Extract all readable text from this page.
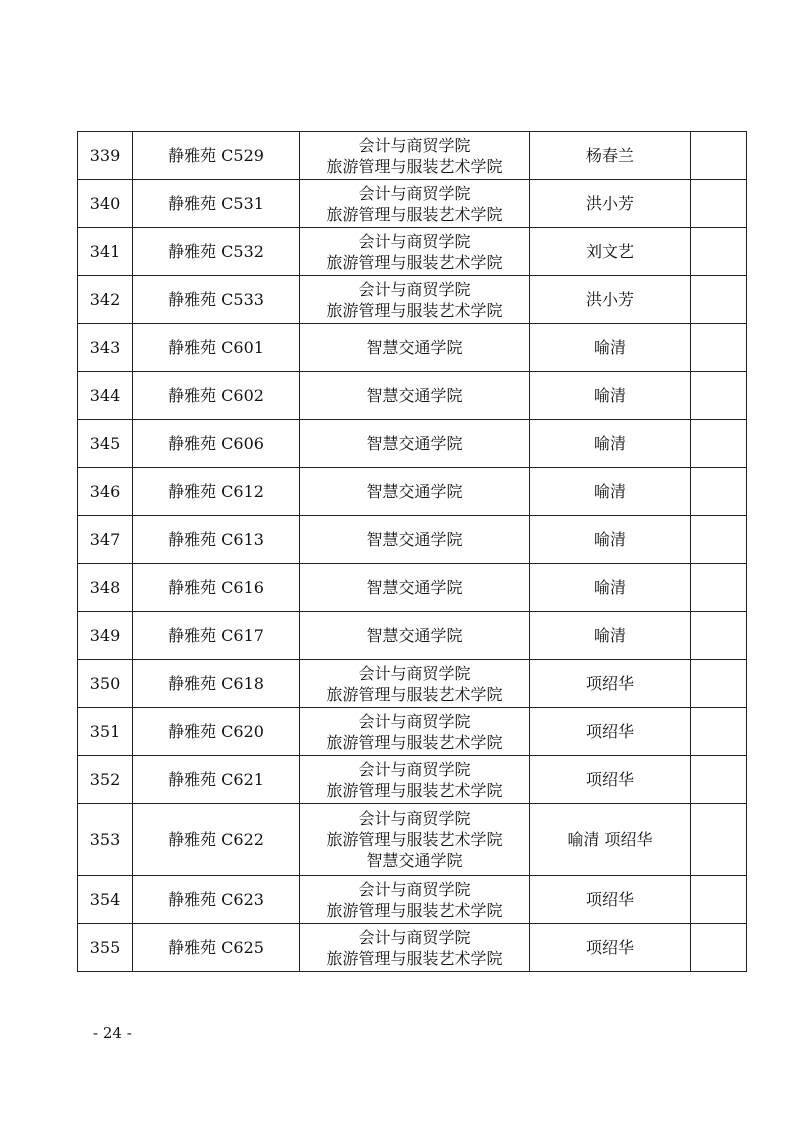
339	静雅苑 C529	会计与商贸学院
旅游管理与服装艺术学院	杨春兰	
340	静雅苑 C531	会计与商贸学院
旅游管理与服装艺术学院	洪小芳	
341	静雅苑 C532	会计与商贸学院
旅游管理与服装艺术学院	刘文艺	
342	静雅苑 C533	会计与商贸学院
旅游管理与服装艺术学院	洪小芳	
343	静雅苑 C601	智慧交通学院	喻清	
344	静雅苑 C602	智慧交通学院	喻清	
345	静雅苑 C606	智慧交通学院	喻清	
346	静雅苑 C612	智慧交通学院	喻清	
347	静雅苑 C613	智慧交通学院	喻清	
348	静雅苑 C616	智慧交通学院	喻清	
349	静雅苑 C617	智慧交通学院	喻清	
350	静雅苑 C618	会计与商贸学院
旅游管理与服装艺术学院	项绍华	
351	静雅苑 C620	会计与商贸学院
旅游管理与服装艺术学院	项绍华	
352	静雅苑 C621	会计与商贸学院
旅游管理与服装艺术学院	项绍华	
353	静雅苑 C622	会计与商贸学院
旅游管理与服装艺术学院
智慧交通学院	喻清 项绍华	
354	静雅苑 C623	会计与商贸学院
旅游管理与服装艺术学院	项绍华	
355	静雅苑 C625	会计与商贸学院
旅游管理与服装艺术学院	项绍华	
- 24 -
